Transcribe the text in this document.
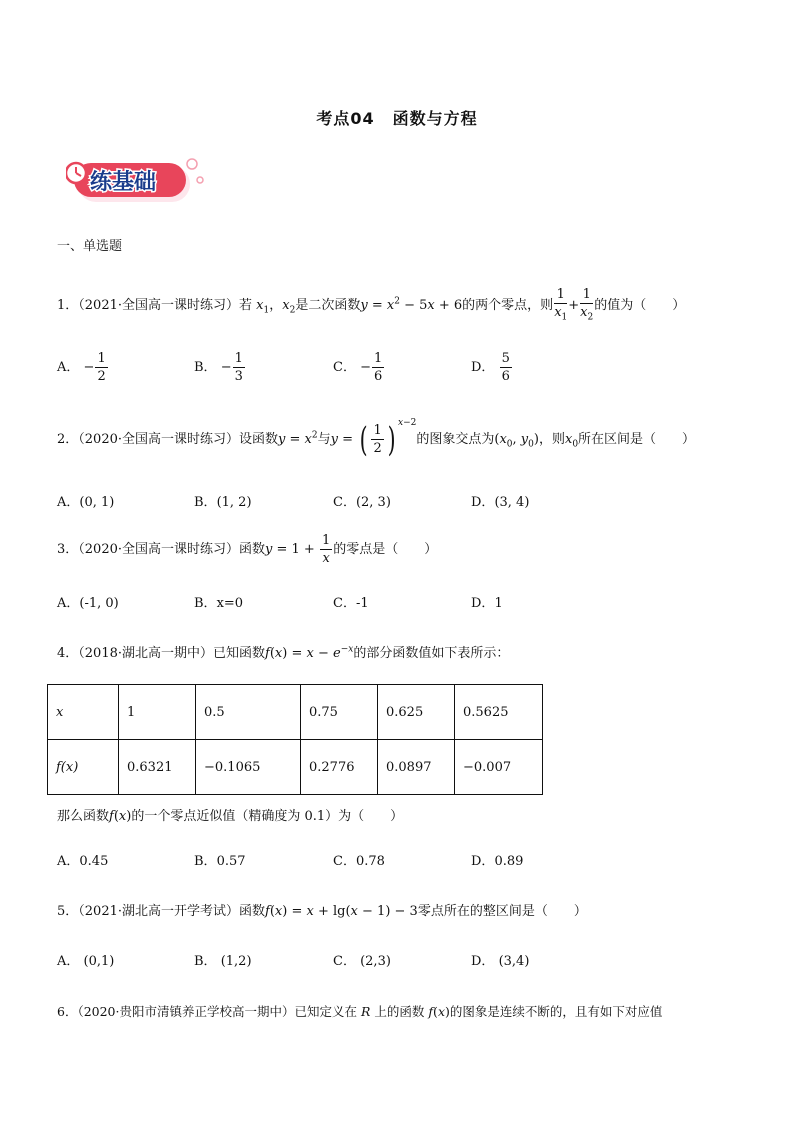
考点04 函数与方程
练基础
一、单选题
1．（2021·全国高一课时练习）若 $x_1$，$x_2$是二次函数$y = x^2 - 5x + 6$的两个零点，则 $\frac{1}{x_1} + \frac{1}{x_2}$ 的值为（　　）
A． − $\frac{1}{2}$	B． − $\frac{1}{3}$	C． − $\frac{1}{6}$	D． $\frac{5}{6}$
2．（2020·全国高一课时练习）设函数$y = x^2$与y = ( $\frac{1}{2}$ ) $^{x-2}$的图象交点为($x_0$, $y_0$)，则$x_0$所在区间是（　　）
A．(0, 1)	B．(1, 2)	C．(2, 3)	D．(3, 4)
3．（2020·全国高一课时练习）函数$y = 1 + \frac{1}{x}$ 的零点是（　　）
A．(-1, 0)	B．x=0	C．-1	D．1
4．（2018·湖北高一期中）已知函数$f(x) = x - e^{-x}$的部分函数值如下表所示：
x	1	0.5	0.75	0.625	0.5625
f(x)	0.6321	−0.1065	0.2776	0.0897	−0.007
那么函数f(x)的一个零点近似值（精确度为 0.1）为（　　）
A．0.45	B．0.57	C．0.78	D．0.89
5．（2021·湖北高一开学考试）函数f(x) = x + lg(x − 1) − 3零点所在的整区间是（　　）
A． (0,1)	B． (1,2)	C． (2,3)	D． (3,4)
6．（2020·贵阳市清镇养正学校高一期中）已知定义在 R 上的函数 f(x)的图象是连续不断的，且有如下对应值
